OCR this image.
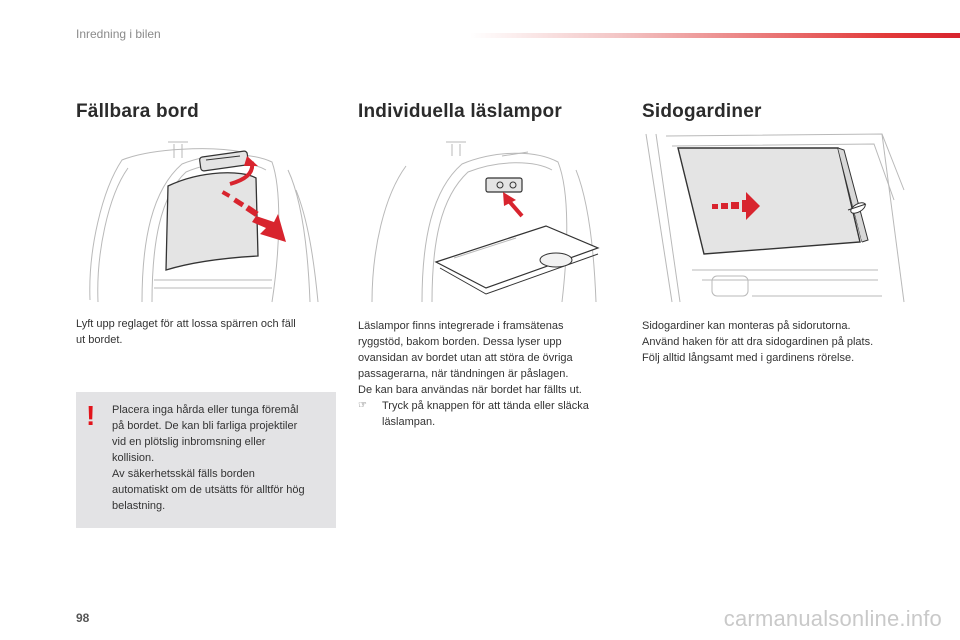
Inredning i bilen
Fällbara bord	Individuella läslampor	Sidogardiner
Lyft upp reglaget för att lossa spärren och fäll
ut bordet.
Läslampor finns integrerade i framsätenas
ryggstöd, bakom borden. Dessa lyser upp
ovansidan av bordet utan att störa de övriga
passagerarna, när tändningen är påslagen.
De kan bara användas när bordet har fällts ut.
☞	Tryck på knappen för att tända eller släcka
läslampan.
Sidogardiner kan monteras på sidorutorna.
Använd haken för att dra sidogardinen på plats.
Följ alltid långsamt med i gardinens rörelse.
! Placera inga hårda eller tunga föremål
på bordet. De kan bli farliga projektiler
vid en plötslig inbromsning eller
kollision.
Av säkerhetsskäl fälls borden
automatiskt om de utsätts för alltför hög
belastning.
98	carmanualsonline.info
